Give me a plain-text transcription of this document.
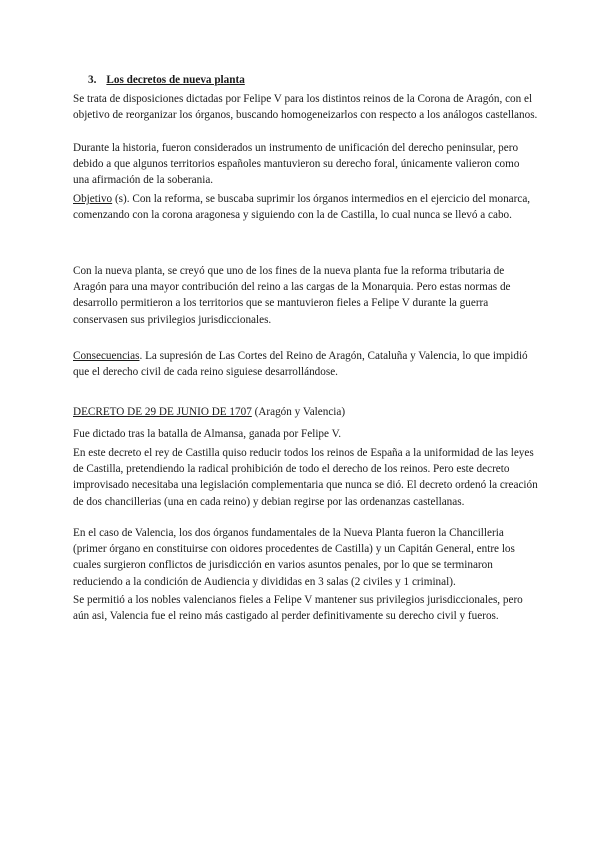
3. Los decretos de nueva planta

Se trata de disposiciones dictadas por Felipe V para los distintos reinos de la Corona de Aragón, con el objetivo de reorganizar los órganos, buscando homogeneizarlos con respecto a los análogos castellanos.

Durante la historia, fueron considerados un instrumento de unificación del derecho peninsular, pero debido a que algunos territorios españoles mantuvieron su derecho foral, únicamente valieron como una afirmación de la soberania.

Objetivo (s). Con la reforma, se buscaba suprimir los órganos intermedios en el ejercicio del monarca, comenzando con la corona aragonesa y siguiendo con la de Castilla, lo cual nunca se llevó a cabo.

Con la nueva planta, se creyó que uno de los fines de la nueva planta fue la reforma tributaria de Aragón para una mayor contribución del reino a las cargas de la Monarquia. Pero estas normas de desarrollo permitieron a los territorios que se mantuvieron fieles a Felipe V durante la guerra conservasen sus privilegios jurisdiccionales.

Consecuencias. La supresión de Las Cortes del Reino de Aragón, Cataluña y Valencia, lo que impidió que el derecho civil de cada reino siguiese desarrollándose.

DECRETO DE 29 DE JUNIO DE 1707 (Aragón y Valencia)

Fue dictado tras la batalla de Almansa, ganada por Felipe V.

En este decreto el rey de Castilla quiso reducir todos los reinos de España a la uniformidad de las leyes de Castilla, pretendiendo la radical prohibición de todo el derecho de los reinos. Pero este decreto improvisado necesitaba una legislación complementaria que nunca se dió. El decreto ordenó la creación de dos chancillerias (una en cada reino) y debian regirse por las ordenanzas castellanas.

En el caso de Valencia, los dos órganos fundamentales de la Nueva Planta fueron la Chancilleria (primer órgano en constituirse con oidores procedentes de Castilla) y un Capitán General, entre los cuales surgieron conflictos de jurisdicción en varios asuntos penales, por lo que se terminaron reduciendo a la condición de Audiencia y divididas en 3 salas (2 civiles y 1 criminal).

Se permitió a los nobles valencianos fieles a Felipe V mantener sus privilegios jurisdiccionales, pero aún asi, Valencia fue el reino más castigado al perder definitivamente su derecho civil y fueros.
